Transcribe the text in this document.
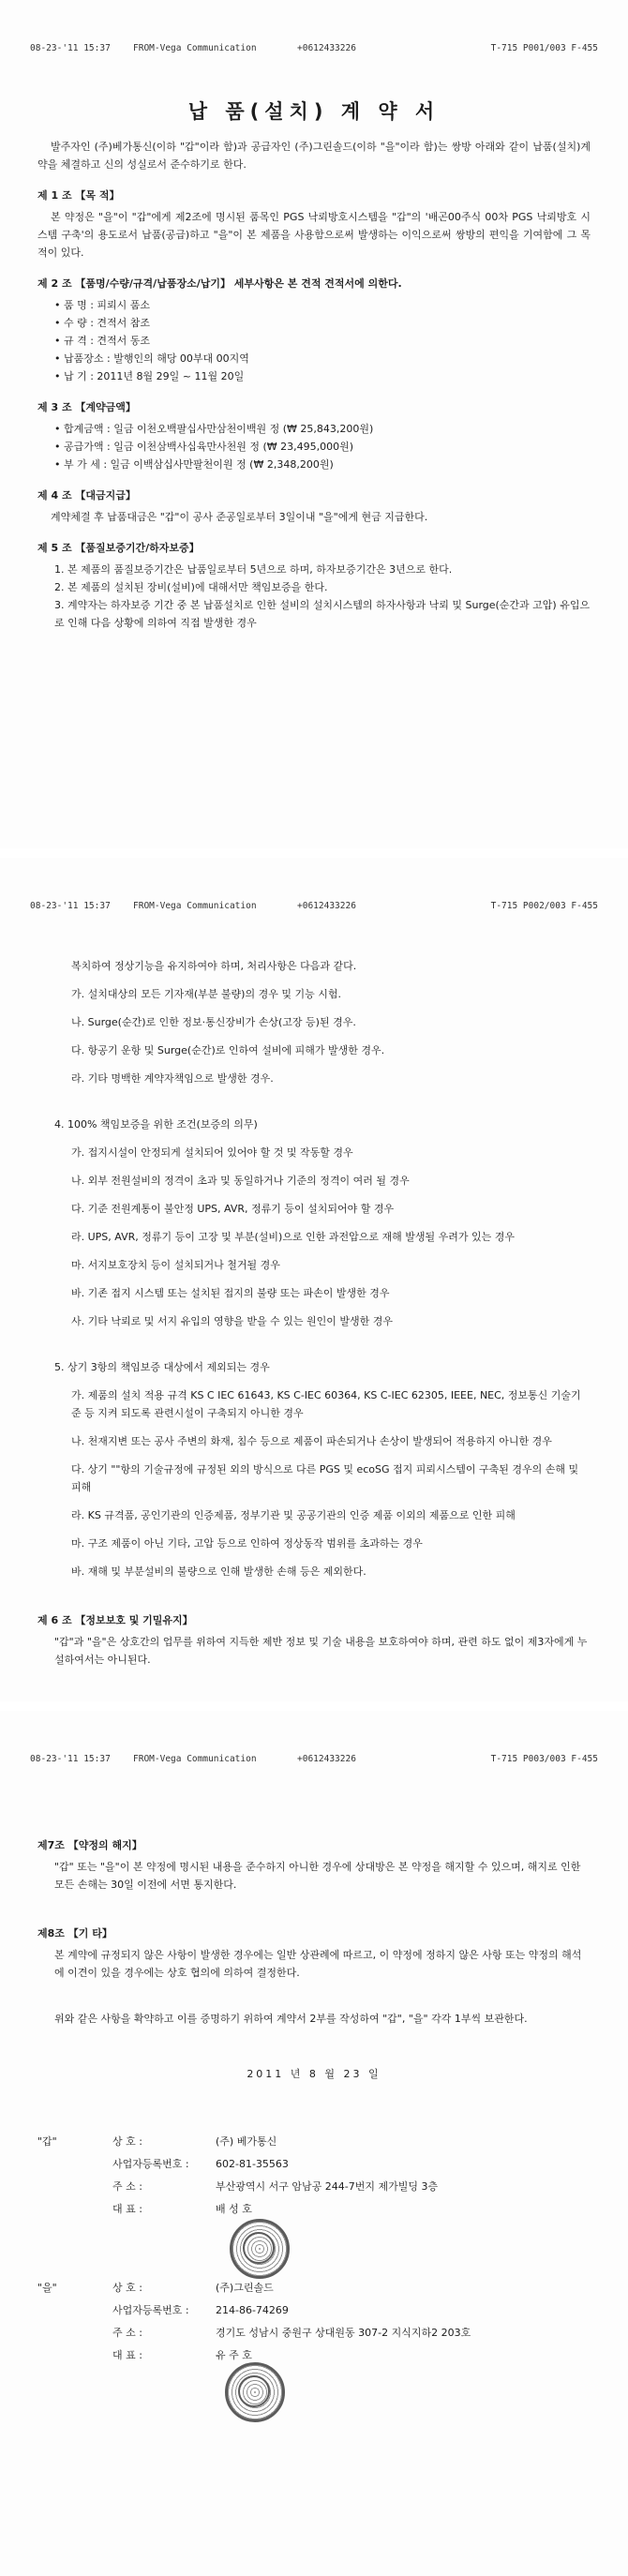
08-23-'11 15:37	FROM-Vega Communication	+0612433226	T-715 P001/003 F-455
납 품(설치) 계 약 서

발주자인 (주)베가통신(이하 "갑"이라 함)과 공급자인 (주)그린솔드(이하 "을"이라 함)는 쌍방 아래와 같이 납품(설치)계약을 체결하고 신의 성실로서 준수하기로 한다.

제 1 조 【목 적】

본 약정은 "을"이 "갑"에게 제2조에 명시된 품목인 PGS 낙뢰방호시스템을 "갑"의 '배곤00주식 00차 PGS 낙뢰방호 시스템 구축'의 용도로서 납품(공급)하고 "을"이 본 제품을 사용함으로써 발생하는 이익으로써 쌍방의 편익을 기여함에 그 목적이 있다.

제 2 조 【품명/수량/규격/납품장소/납기】 세부사항은 본 견적 견적서에 의한다.

• 품 명 : 피뢰시 품소

• 수 량 : 견적서 참조

• 규 격 : 견적서 동조

• 납품장소 : 발행인의 해당 00부대 00지역

• 납 기 : 2011년 8월 29일 ~ 11월 20일

제 3 조 【계약금액】

• 합계금액 : 일금 이천오백팔십사만삼천이백원 정 (₩ 25,843,200원)

• 공급가액 : 일금 이천삼백사십육만사천원 정 (₩ 23,495,000원)

• 부 가 세 : 일금 이백삼십사만팔천이원 정 (₩ 2,348,200원)

제 4 조 【대금지급】

계약체결 후 납품대금은 "갑"이 공사 준공일로부터 3일이내 "을"에게 현금 지급한다.

제 5 조 【품질보증기간/하자보증】

1. 본 제품의 품질보증기간은 납품일로부터 5년으로 하며, 하자보증기간은 3년으로 한다.

2. 본 제품의 설치된 장비(설비)에 대해서만 책임보증을 한다.

3. 계약자는 하자보증 기간 중 본 납품설치로 인한 설비의 설치시스템의 하자사항과 낙뢰 및 Surge(순간과 고압) 유입으로 인해 다음 상황에 의하여 직접 발생한 경우

08-23-'11 15:37	FROM-Vega Communication	+0612433226	T-715 P002/003 F-455

복치하여 정상기능을 유지하여야 하며, 처리사항은 다음과 같다.

가. 설치대상의 모든 기자재(부분 불량)의 경우 및 기능 시험.

나. Surge(순간)로 인한 정보·통신장비가 손상(고장 등)된 경우.

다. 항공기 운항 및 Surge(순간)로 인하여 설비에 피해가 발생한 경우.

라. 기타 명백한 계약자책임으로 발생한 경우.

4. 100% 책임보증을 위한 조건(보증의 의무)

가. 접지시설이 안정되게 설치되어 있어야 할 것 및 작동할 경우

나. 외부 전원설비의 정격이 초과 및 동일하거나 기준의 정격이 여러 될 경우

다. 기준 전원계통이 불안정 UPS, AVR, 정류기 등이 설치되어야 할 경우

라. UPS, AVR, 정류기 등이 고장 및 부분(설비)으로 인한 과전압으로 재해 발생될 우려가 있는 경우

마. 서지보호장치 등이 설치되거나 철거될 경우

바. 기존 접지 시스템 또는 설치된 접지의 불량 또는 파손이 발생한 경우

사. 기타 낙뢰로 및 서지 유입의 영향을 받을 수 있는 원인이 발생한 경우

5. 상기 3항의 책임보증 대상에서 제외되는 경우

가. 제품의 설치 적용 규격 KS C IEC 61643, KS C-IEC 60364, KS C-IEC 62305, IEEE, NEC, 정보통신 기술기준 등 지켜 되도록 관련시설이 구축되지 아니한 경우

나. 천재지변 또는 공사 주변의 화재, 침수 등으로 제품이 파손되거나 손상이 발생되어 적용하지 아니한 경우

다. 상기 ""항의 기술규정에 규정된 외의 방식으로 다른 PGS 및 ecoSG 접지 피뢰시스템이 구축된 경우의 손해 및 피해

라. KS 규격품, 공인기관의 인증제품, 정부기관 및 공공기관의 인증 제품 이외의 제품으로 인한 피해

마. 구조 제품이 아닌 기타, 고압 등으로 인하여 정상동작 범위를 초과하는 경우

바. 재해 및 부분설비의 불량으로 인해 발생한 손해 등은 제외한다.

제 6 조 【정보보호 및 기밀유지】

"갑"과 "을"은 상호간의 업무를 위하여 지득한 제반 정보 및 기술 내용을 보호하여야 하며, 관련 하도 없이 제3자에게 누설하여서는 아니된다.

08-23-'11 15:37	FROM-Vega Communication	+0612433226	T-715 P003/003 F-455
제7조 【약정의 해지】

"갑" 또는 "을"이 본 약정에 명시된 내용을 준수하지 아니한 경우에 상대방은 본 약정을 해지할 수 있으며, 해지로 인한 모든 손해는 30일 이전에 서면 통지한다.

제8조 【기 타】

본 계약에 규정되지 않은 사항이 발생한 경우에는 일반 상관례에 따르고, 이 약정에 정하지 않은 사항 또는 약정의 해석에 이견이 있을 경우에는 상호 협의에 의하여 결정한다.

위와 같은 사항을 확약하고 이를 증명하기 위하여 계약서 2부를 작성하여 "갑", "을" 각각 1부씩 보관한다.

2011 년 8 월 23 일
"갑"	상 호 :	(주) 베가통신
사업자등록번호 :	602-81-35563
주 소 :	부산광역시 서구 암남공 244-7번지 제가빌딩 3층
대 표 :	배 성 호
"을"	상 호 :	(주)그린솔드
사업자등록번호 :	214-86-74269
주 소 :	경기도 성남시 중원구 상대원동 307-2 지식지하2 203호
대 표 :	유 주 호
